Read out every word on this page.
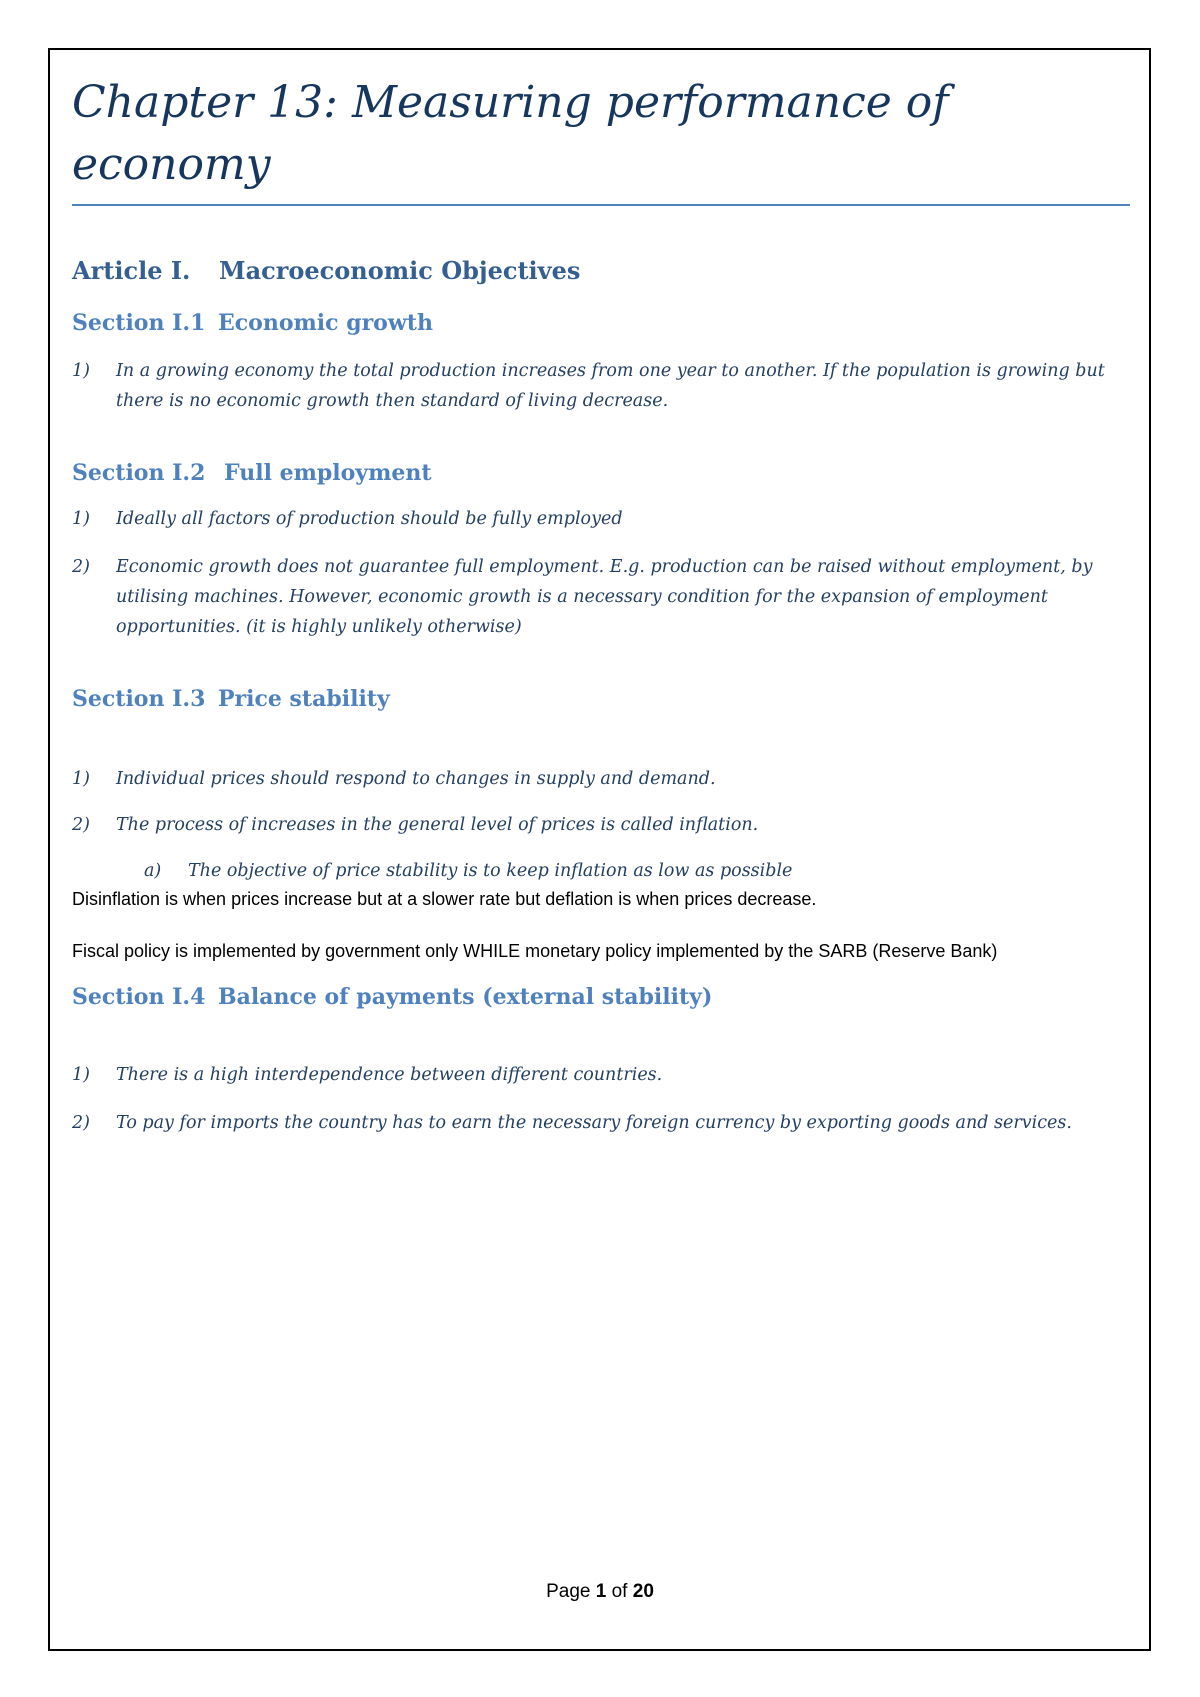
Chapter 13: Measuring performance of economy
Article I.	Macroeconomic Objectives
Section I.1 Economic growth
1)	In a growing economy the total production increases from one year to another. If the population is growing but there is no economic growth then standard of living decrease.
Section I.2 Full employment
1)	Ideally all factors of production should be fully employed
2)	Economic growth does not guarantee full employment. E.g. production can be raised without employment, by utilising machines. However, economic growth is a necessary condition for the expansion of employment opportunities. (it is highly unlikely otherwise)
Section I.3 Price stability
1)	Individual prices should respond to changes in supply and demand.
2)	The process of increases in the general level of prices is called inflation.
a)	The objective of price stability is to keep inflation as low as possible

Disinflation is when prices increase but at a slower rate but deflation is when prices decrease.

Fiscal policy is implemented by government only WHILE monetary policy implemented by the SARB (Reserve Bank)

Section I.4 Balance of payments (external stability)
1)	There is a high interdependence between different countries.
2)	To pay for imports the country has to earn the necessary foreign currency by exporting goods and services.
Page 1 of 20
